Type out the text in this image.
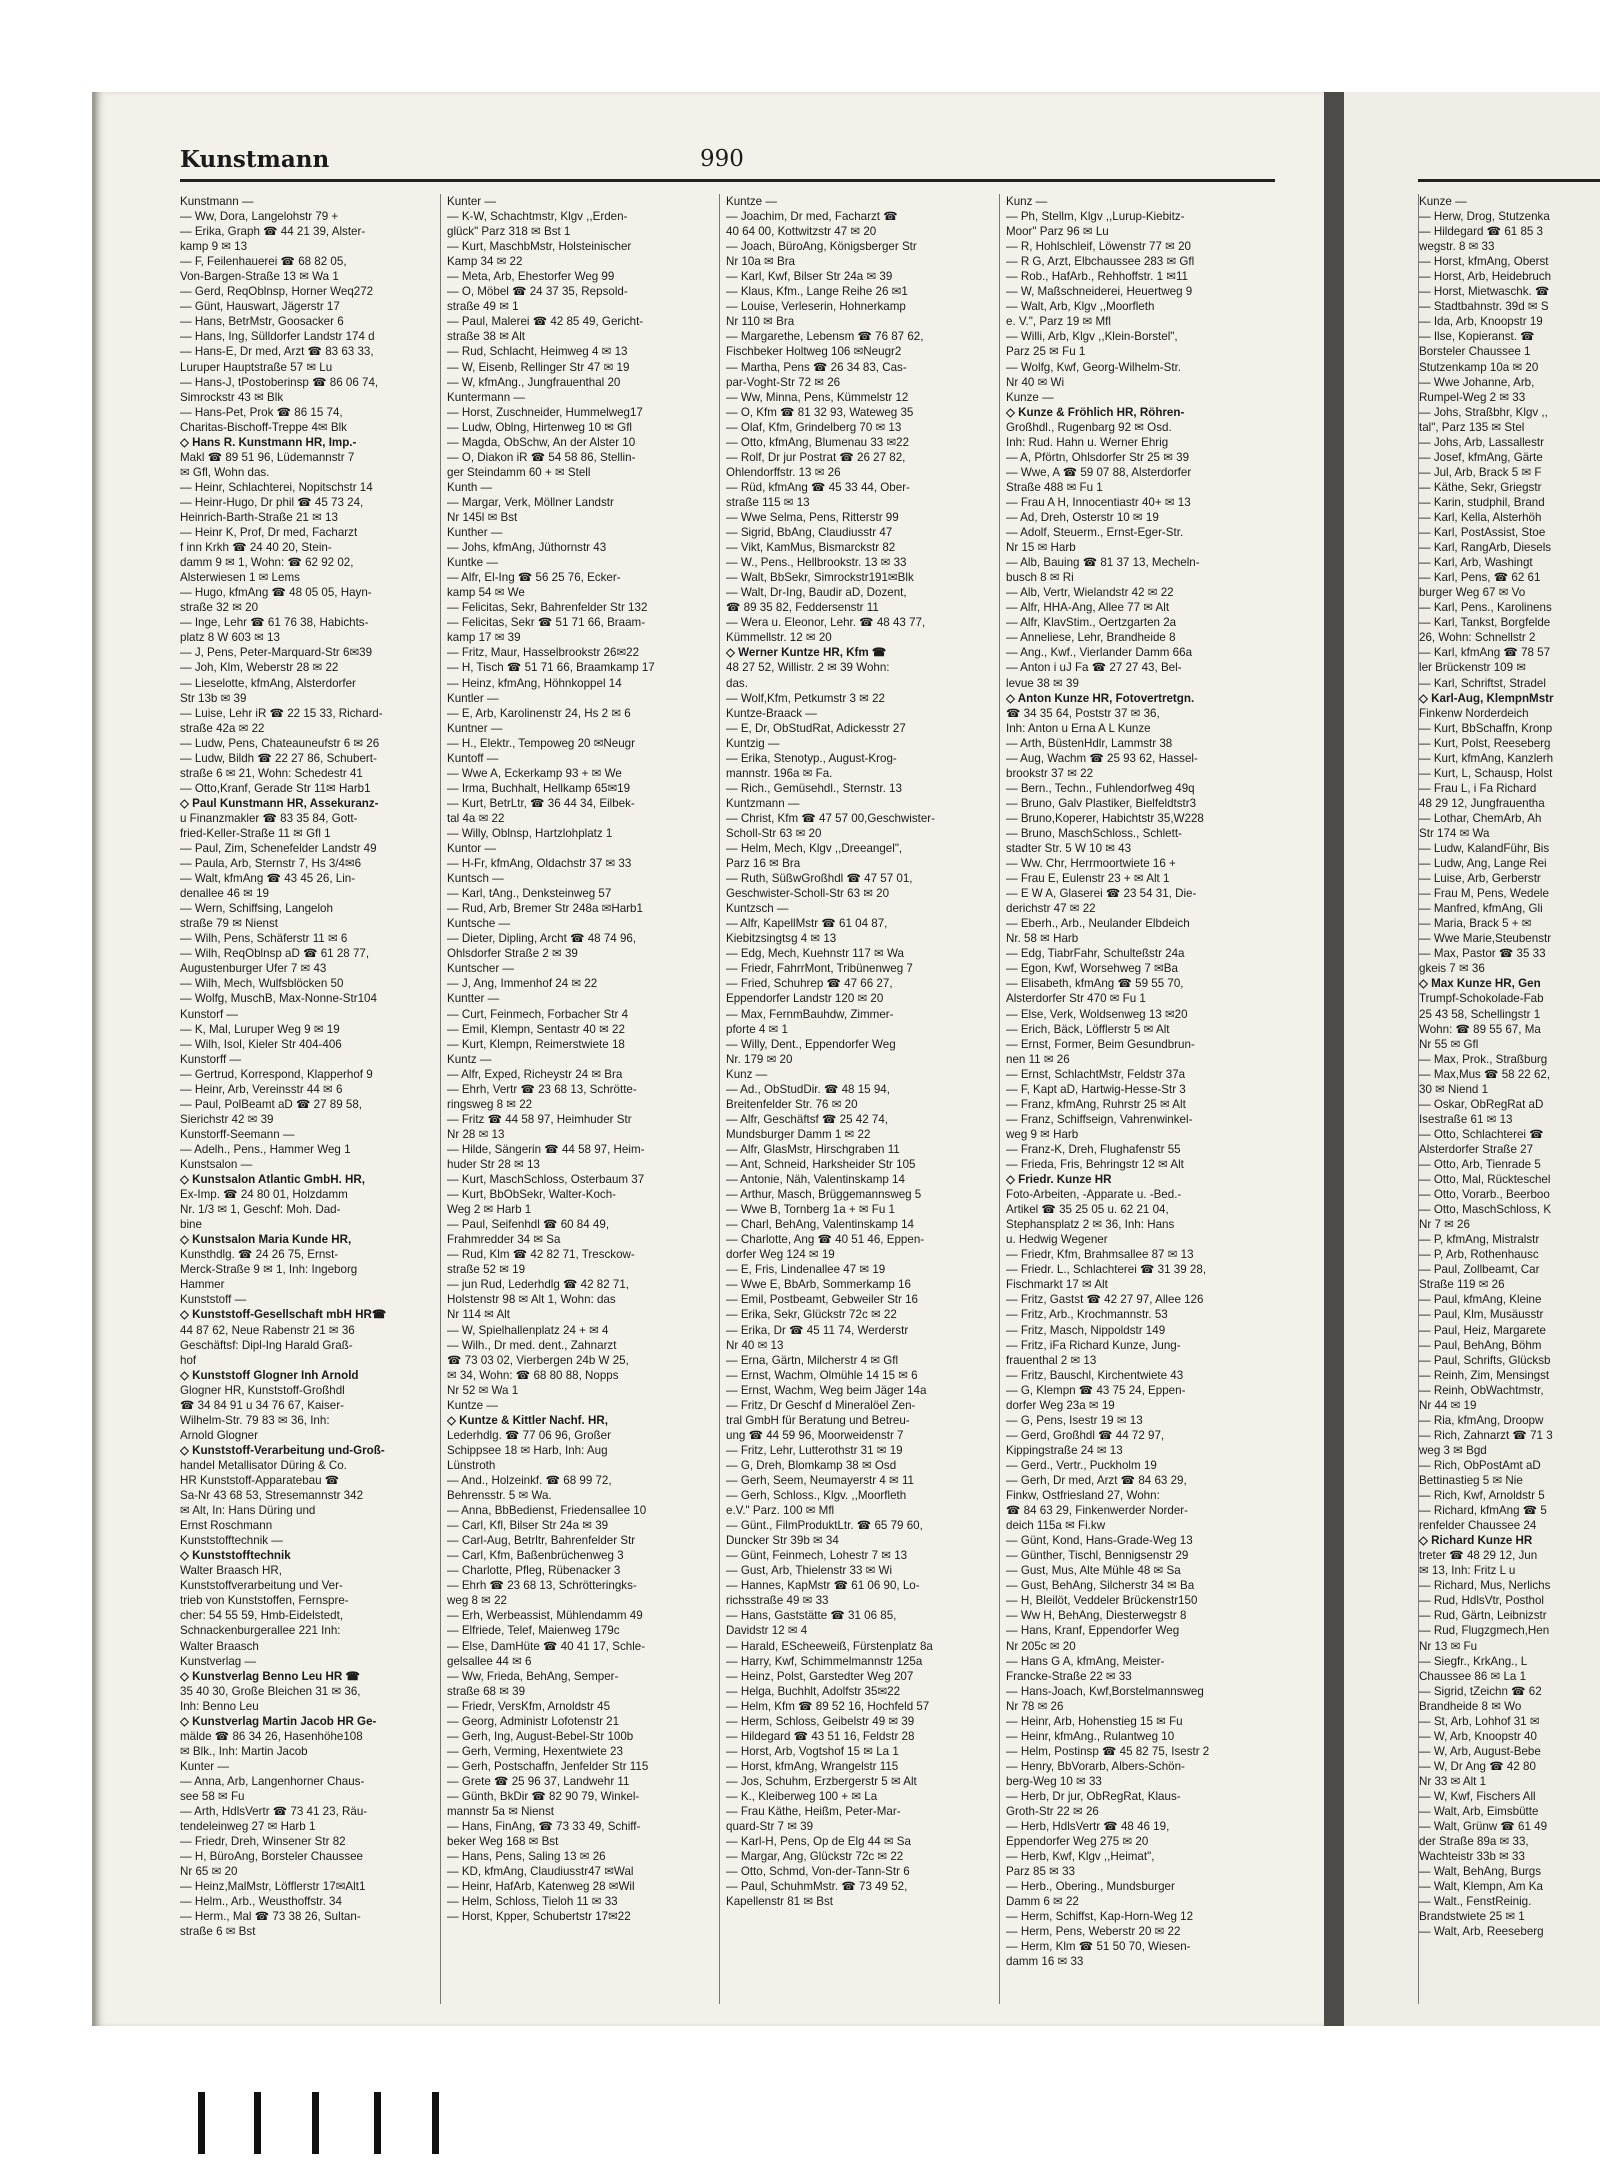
Kunstmann	990
Kunstmann —
— Ww, Dora, Langelohstr 79 +
— Erika, Graph ☎ 44 21 39, Alster-
kamp 9 ✉ 13
— F, Feilenhauerei ☎ 68 82 05,
Von-Bargen-Straße 13 ✉ Wa 1
— Gerd, ReqOblnsp, Horner Weq272
— Günt, Hauswart, Jägerstr 17
— Hans, BetrMstr, Goosacker 6
— Hans, Ing, Sülldorfer Landstr 174 d
— Hans-E, Dr med, Arzt ☎ 83 63 33,
Luruper Hauptstraße 57 ✉ Lu
— Hans-J, tPostoberinsp ☎ 86 06 74,
Simrockstr 43 ✉ Blk
— Hans-Pet, Prok ☎ 86 15 74,
Charitas-Bischoff-Treppe 4✉ Blk
◇ Hans R. Kunstmann HR, Imp.-
Makl ☎ 89 51 96, Lüdemannstr 7
✉ Gfl, Wohn das.
— Heinr, Schlachterei, Nopitschstr 14
— Heinr-Hugo, Dr phil ☎ 45 73 24,
Heinrich-Barth-Straße 21 ✉ 13
— Heinr K, Prof, Dr med, Facharzt
f inn Krkh ☎ 24 40 20, Stein-
damm 9 ✉ 1, Wohn: ☎ 62 92 02,
Alsterwiesen 1 ✉ Lems
— Hugo, kfmAng ☎ 48 05 05, Hayn-
straße 32 ✉ 20
— Inge, Lehr ☎ 61 76 38, Habichts-
platz 8 W 603 ✉ 13
— J, Pens, Peter-Marquard-Str 6✉39
— Joh, Klm, Weberstr 28 ✉ 22
— Lieselotte, kfmAng, Alsterdorfer
Str 13b ✉ 39
— Luise, Lehr iR ☎ 22 15 33, Richard-
straße 42a ✉ 22
— Ludw, Pens, Chateauneufstr 6 ✉ 26
— Ludw, Bildh ☎ 22 27 86, Schubert-
straße 6 ✉ 21, Wohn: Schedestr 41
— Otto,Kranf, Gerade Str 11✉ Harb1
◇ Paul Kunstmann HR, Assekuranz-
u Finanzmakler ☎ 83 35 84, Gott-
fried-Keller-Straße 11 ✉ Gfl 1
— Paul, Zim, Schenefelder Landstr 49
— Paula, Arb, Sternstr 7, Hs 3/4✉6
— Walt, kfmAng ☎ 43 45 26, Lin-
denallee 46 ✉ 19
— Wern, Schiffsing, Langeloh
straße 79 ✉ Nienst
— Wilh, Pens, Schäferstr 11 ✉ 6
— Wilh, ReqOblnsp aD ☎ 61 28 77,
Augustenburger Ufer 7 ✉ 43
— Wilh, Mech, Wulfsblöcken 50
— Wolfg, MuschB, Max-Nonne-Str104
Kunstorf —
— K, Mal, Luruper Weg 9 ✉ 19
— Wilh, Isol, Kieler Str 404-406
Kunstorff —
— Gertrud, Korrespond, Klapperhof 9
— Heinr, Arb, Vereinsstr 44 ✉ 6
— Paul, PolBeamt aD ☎ 27 89 58,
Sierichstr 42 ✉ 39
Kunstorff-Seemann —
— Adelh., Pens., Hammer Weg 1
Kunstsalon —
◇ Kunstsalon Atlantic GmbH. HR,
Ex-Imp. ☎ 24 80 01, Holzdamm
Nr. 1/3 ✉ 1, Geschf: Moh. Dad-
bine
◇ Kunstsalon Maria Kunde HR,
Kunsthdlg. ☎ 24 26 75, Ernst-
Merck-Straße 9 ✉ 1, Inh: Ingeborg
Hammer
Kunststoff —
◇ Kunststoff-Gesellschaft mbH HR☎
44 87 62, Neue Rabenstr 21 ✉ 36
Geschäftsf: Dipl-Ing Harald Graß-
hof
◇ Kunststoff Glogner Inh Arnold
Glogner HR, Kunststoff-Großhdl
☎ 34 84 91 u 34 76 67, Kaiser-
Wilhelm-Str. 79 83 ✉ 36, Inh:
Arnold Glogner
◇ Kunststoff-Verarbeitung und-Groß-
handel Metallisator Düring & Co.
HR Kunststoff-Apparatebau ☎
Sa-Nr 43 68 53, Stresemannstr 342
✉ Alt, In: Hans Düring und
Ernst Roschmann
Kunststofftechnik —
◇ Kunststofftechnik
Walter Braasch HR,
Kunststoffverarbeitung und Ver-
trieb von Kunststoffen, Fernspre-
cher: 54 55 59, Hmb-Eidelstedt,
Schnackenburgerallee 221 Inh:
Walter Braasch
Kunstverlag —
◇ Kunstverlag Benno Leu HR ☎
35 40 30, Große Bleichen 31 ✉ 36,
Inh: Benno Leu
◇ Kunstverlag Martin Jacob HR Ge-
mälde ☎ 86 34 26, Hasenhöhe108
✉ Blk., Inh: Martin Jacob
Kunter —
— Anna, Arb, Langenhorner Chaus-
see 58 ✉ Fu
— Arth, HdlsVertr ☎ 73 41 23, Räu-
tendeleinweg 27 ✉ Harb 1
— Friedr, Dreh, Winsener Str 82
— H, BüroAng, Borsteler Chaussee
Nr 65 ✉ 20
— Heinz,MalMstr, Löfflerstr 17✉Alt1
— Helm., Arb., Weusthoffstr. 34
— Herm., Mal ☎ 73 38 26, Sultan-
straße 6 ✉ Bst
Kunter —
— K-W, Schachtmstr, Klgv ,,Erden-
glück" Parz 318 ✉ Bst 1
— Kurt, MaschbMstr, Holsteinischer
Kamp 34 ✉ 22
— Meta, Arb, Ehestorfer Weg 99
— O, Möbel ☎ 24 37 35, Repsold-
straße 49 ✉ 1
— Paul, Malerei ☎ 42 85 49, Gericht-
straße 38 ✉ Alt
— Rud, Schlacht, Heimweg 4 ✉ 13
— W, Eisenb, Rellinger Str 47 ✉ 19
— W, kfmAng., Jungfrauenthal 20
Kuntermann —
— Horst, Zuschneider, Hummelweg17
— Ludw, Oblng, Hirtenweg 10 ✉ Gfl
— Magda, ObSchw, An der Alster 10
— O, Diakon iR ☎ 54 58 86, Stellin-
ger Steindamm 60 + ✉ Stell
Kunth —
— Margar, Verk, Möllner Landstr
Nr 145l ✉ Bst
Kunther —
— Johs, kfmAng, Jüthornstr 43
Kuntke —
— Alfr, El-Ing ☎ 56 25 76, Ecker-
kamp 54 ✉ We
— Felicitas, Sekr, Bahrenfelder Str 132
— Felicitas, Sekr ☎ 51 71 66, Braam-
kamp 17 ✉ 39
— Fritz, Maur, Hasselbrookstr 26✉22
— H, Tisch ☎ 51 71 66, Braamkamp 17
— Heinz, kfmAng, Höhnkoppel 14
Kuntler —
— E, Arb, Karolinenstr 24, Hs 2 ✉ 6
Kuntner —
— H., Elektr., Tempoweg 20 ✉Neugr
Kuntoff —
— Wwe A, Eckerkamp 93 + ✉ We
— Irma, Buchhalt, Hellkamp 65✉19
— Kurt, BetrLtr, ☎ 36 44 34, Eilbek-
tal 4a ✉ 22
— Willy, Oblnsp, Hartzlohplatz 1
Kuntor —
— H-Fr, kfmAng, Oldachstr 37 ✉ 33
Kuntsch —
— Karl, tAng., Denksteinweg 57
— Rud, Arb, Bremer Str 248a ✉Harb1
Kuntsche —
— Dieter, Dipling, Archt ☎ 48 74 96,
Ohlsdorfer Straße 2 ✉ 39
Kuntscher —
— J, Ang, Immenhof 24 ✉ 22
Kuntter —
— Curt, Feinmech, Forbacher Str 4
— Emil, Klempn, Sentastr 40 ✉ 22
— Kurt, Klempn, Reimerstwiete 18
Kuntz —
— Alfr, Exped, Richeystr 24 ✉ Bra
— Ehrh, Vertr ☎ 23 68 13, Schrötte-
ringsweg 8 ✉ 22
— Fritz ☎ 44 58 97, Heimhuder Str
Nr 28 ✉ 13
— Hilde, Sängerin ☎ 44 58 97, Heim-
huder Str 28 ✉ 13
— Kurt, MaschSchloss, Osterbaum 37
— Kurt, BbObSekr, Walter-Koch-
Weg 2 ✉ Harb 1
— Paul, Seifenhdl ☎ 60 84 49,
Frahmredder 34 ✉ Sa
— Rud, Klm ☎ 42 82 71, Tresckow-
straße 52 ✉ 19
— jun Rud, Lederhdlg ☎ 42 82 71,
Holstenstr 98 ✉ Alt 1, Wohn: das
Nr 114 ✉ Alt
— W, Spielhallenplatz 24 + ✉ 4
— Wilh., Dr med. dent., Zahnarzt
☎ 73 03 02, Vierbergen 24b W 25,
✉ 34, Wohn: ☎ 68 80 88, Nopps
Nr 52 ✉ Wa 1
Kuntze —
◇ Kuntze & Kittler Nachf. HR,
Lederhdlg. ☎ 77 06 96, Großer
Schippsee 18 ✉ Harb, Inh: Aug
Lünstroth
— And., Holzeinkf. ☎ 68 99 72,
Behrensstr. 5 ✉ Wa.
— Anna, BbBedienst, Friedensallee 10
— Carl, Kfl, Bilser Str 24a ✉ 39
— Carl-Aug, Betrltr, Bahrenfelder Str
— Carl, Kfm, Baßenbrüchenweg 3
— Charlotte, Pfleg, Rübenacker 3
— Ehrh ☎ 23 68 13, Schrötteringks-
weg 8 ✉ 22
— Erh, Werbeassist, Mühlendamm 49
— Elfriede, Telef, Maienweg 179c
— Else, DamHüte ☎ 40 41 17, Schle-
gelsallee 44 ✉ 6
— Ww, Frieda, BehAng, Semper-
straße 68 ✉ 39
— Friedr, VersKfm, Arnoldstr 45
— Georg, Administr Lofotenstr 21
— Gerh, Ing, August-Bebel-Str 100b
— Gerh, Verming, Hexentwiete 23
— Gerh, Postschaffn, Jenfelder Str 115
— Grete ☎ 25 96 37, Landwehr 11
— Günth, BkDir ☎ 82 90 79, Winkel-
mannstr 5a ✉ Nienst
— Hans, FinAng, ☎ 73 33 49, Schiff-
beker Weg 168 ✉ Bst
— Hans, Pens, Saling 13 ✉ 26
— KD, kfmAng, Claudiusstr47 ✉Wal
— Heinr, HafArb, Katenweg 28 ✉Wil
— Helm, Schloss, Tieloh 11 ✉ 33
— Horst, Kpper, Schubertstr 17✉22
Kuntze —
— Joachim, Dr med, Facharzt ☎
40 64 00, Kottwitzstr 47 ✉ 20
— Joach, BüroAng, Königsberger Str
Nr 10a ✉ Bra
— Karl, Kwf, Bilser Str 24a ✉ 39
— Klaus, Kfm., Lange Reihe 26 ✉1
— Louise, Verleserin, Hohnerkamp
Nr 110 ✉ Bra
— Margarethe, Lebensm ☎ 76 87 62,
Fischbeker Holtweg 106 ✉Neugr2
— Martha, Pens ☎ 26 34 83, Cas-
par-Voght-Str 72 ✉ 26
— Ww, Minna, Pens, Kümmelstr 12
— O, Kfm ☎ 81 32 93, Wateweg 35
— Olaf, Kfm, Grindelberg 70 ✉ 13
— Otto, kfmAng, Blumenau 33 ✉22
— Rolf, Dr jur Postrat ☎ 26 27 82,
Ohlendorffstr. 13 ✉ 26
— Rüd, kfmAng ☎ 45 33 44, Ober-
straße 115 ✉ 13
— Wwe Selma, Pens, Ritterstr 99
— Sigrid, BbAng, Claudiusstr 47
— Vikt, KamMus, Bismarckstr 82
— W., Pens., Hellbrookstr. 13 ✉ 33
— Walt, BbSekr, Simrockstr191✉Blk
— Walt, Dr-Ing, Baudir aD, Dozent,
☎ 89 35 82, Feddersenstr 11
— Wera u. Eleonor, Lehr. ☎ 48 43 77,
Kümmellstr. 12 ✉ 20
◇ Werner Kuntze HR, Kfm ☎
48 27 52, Willistr. 2 ✉ 39 Wohn:
das.
— Wolf,Kfm, Petkumstr 3 ✉ 22
Kuntze-Braack —
— E, Dr, ObStudRat, Adickesstr 27
Kuntzig —
— Erika, Stenotyp., August-Krog-
mannstr. 196a ✉ Fa.
— Rich., Gemüsehdl., Sternstr. 13
Kuntzmann —
— Christ, Kfm ☎ 47 57 00,Geschwister-
Scholl-Str 63 ✉ 20
— Helm, Mech, Klgv ,,Dreeangel",
Parz 16 ✉ Bra
— Ruth, SüßwGroßhdl ☎ 47 57 01,
Geschwister-Scholl-Str 63 ✉ 20
Kuntzsch —
— Alfr, KapellMstr ☎ 61 04 87,
Kiebitzsingtsg 4 ✉ 13
— Edg, Mech, Kuehnstr 117 ✉ Wa
— Friedr, FahrrMont, Tribünenweg 7
— Fried, Schuhrep ☎ 47 66 27,
Eppendorfer Landstr 120 ✉ 20
— Max, FernmBauhdw, Zimmer-
pforte 4 ✉ 1
— Willy, Dent., Eppendorfer Weg
Nr. 179 ✉ 20
Kunz —
— Ad., ObStudDir. ☎ 48 15 94,
Breitenfelder Str. 76 ✉ 20
— Alfr, Geschäftsf ☎ 25 42 74,
Mundsburger Damm 1 ✉ 22
— Alfr, GlasMstr, Hirschgraben 11
— Ant, Schneid, Harksheider Str 105
— Antonie, Näh, Valentinskamp 14
— Arthur, Masch, Brüggemannsweg 5
— Wwe B, Tornberg 1a + ✉ Fu 1
— Charl, BehAng, Valentinskamp 14
— Charlotte, Ang ☎ 40 51 46, Eppen-
dorfer Weg 124 ✉ 19
— E, Fris, Lindenallee 47 ✉ 19
— Wwe E, BbArb, Sommerkamp 16
— Emil, Postbeamt, Gebweiler Str 16
— Erika, Sekr, Glückstr 72c ✉ 22
— Erika, Dr ☎ 45 11 74, Werderstr
Nr 40 ✉ 13
— Erna, Gärtn, Milcherstr 4 ✉ Gfl
— Ernst, Wachm, Olmühle 14 15 ✉ 6
— Ernst, Wachm, Weg beim Jäger 14a
— Fritz, Dr Geschf d Mineralöel Zen-
tral GmbH für Beratung und Betreu-
ung ☎ 44 59 96, Moorweidenstr 7
— Fritz, Lehr, Lutterothstr 31 ✉ 19
— G, Dreh, Blomkamp 38 ✉ Osd
— Gerh, Seem, Neumayerstr 4 ✉ 11
— Gerh, Schloss., Klgv. ,,Moorfleth
e.V." Parz. 100 ✉ Mfl
— Günt., FilmProduktLtr. ☎ 65 79 60,
Duncker Str 39b ✉ 34
— Günt, Feinmech, Lohestr 7 ✉ 13
— Gust, Arb, Thielenstr 33 ✉ Wi
— Hannes, KapMstr ☎ 61 06 90, Lo-
richsstraße 49 ✉ 33
— Hans, Gaststätte ☎ 31 06 85,
Davidstr 12 ✉ 4
— Harald, EScheeweiß, Fürstenplatz 8a
— Harry, Kwf, Schimmelmannstr 125a
— Heinz, Polst, Garstedter Weg 207
— Helga, Buchhlt, Adolfstr 35✉22
— Helm, Kfm ☎ 89 52 16, Hochfeld 57
— Herm, Schloss, Geibelstr 49 ✉ 39
— Hildegard ☎ 43 51 16, Feldstr 28
— Horst, Arb, Vogtshof 15 ✉ La 1
— Horst, kfmAng, Wrangelstr 115
— Jos, Schuhm, Erzbergerstr 5 ✉ Alt
— K., Kleiberweg 100 + ✉ La
— Frau Käthe, Heißm, Peter-Mar-
quard-Str 7 ✉ 39
— Karl-H, Pens, Op de Elg 44 ✉ Sa
— Margar, Ang, Glückstr 72c ✉ 22
— Otto, Schmd, Von-der-Tann-Str 6
— Paul, SchuhmMstr. ☎ 73 49 52,
Kapellenstr 81 ✉ Bst
Kunz —
— Ph, Stellm, Klgv ,,Lurup-Kiebitz-
Moor" Parz 96 ✉ Lu
— R, Hohlschleif, Löwenstr 77 ✉ 20
— R G, Arzt, Elbchaussee 283 ✉ Gfl
— Rob., HafArb., Rehhoffstr. 1 ✉11
— W, Maßschneiderei, Heuertweg 9
— Walt, Arb, Klgv ,,Moorfleth
e. V.", Parz 19 ✉ Mfl
— Willi, Arb, Klgv ,,Klein-Borstel",
Parz 25 ✉ Fu 1
— Wolfg, Kwf, Georg-Wilhelm-Str.
Nr 40 ✉ Wi
Kunze —
◇ Kunze & Fröhlich HR, Röhren-
Großhdl., Rugenbarg 92 ✉ Osd.
Inh: Rud. Hahn u. Werner Ehrig
— A, Pförtn, Ohlsdorfer Str 25 ✉ 39
— Wwe, A ☎ 59 07 88, Alsterdorfer
Straße 488 ✉ Fu 1
— Frau A H, Innocentiastr 40+ ✉ 13
— Ad, Dreh, Osterstr 10 ✉ 19
— Adolf, Steuerm., Ernst-Eger-Str.
Nr 15 ✉ Harb
— Alb, Bauing ☎ 81 37 13, Mecheln-
busch 8 ✉ Ri
— Alb, Vertr, Wielandstr 42 ✉ 22
— Alfr, HHA-Ang, Allee 77 ✉ Alt
— Alfr, KlavStim., Oertzgarten 2a
— Anneliese, Lehr, Brandheide 8
— Ang., Kwf., Vierlander Damm 66a
— Anton i uJ Fa ☎ 27 27 43, Bel-
levue 38 ✉ 39
◇ Anton Kunze HR, Fotovertretgn.
☎ 34 35 64, Poststr 37 ✉ 36,
Inh: Anton u Erna A L Kunze
— Arth, BüstenHdlr, Lammstr 38
— Aug, Wachm ☎ 25 93 62, Hassel-
brookstr 37 ✉ 22
— Bern., Techn., Fuhlendorfweg 49q
— Bruno, Galv Plastiker, Bielfeldtstr3
— Bruno,Koperer, Habichtstr 35,W228
— Bruno, MaschSchloss., Schlett-
stadter Str. 5 W 10 ✉ 43
— Ww. Chr, Herrmoortwiete 16 +
— Frau E, Eulenstr 23 + ✉ Alt 1
— E W A, Glaserei ☎ 23 54 31, Die-
derichstr 47 ✉ 22
— Eberh., Arb., Neulander Elbdeich
Nr. 58 ✉ Harb
— Edg, TiabrFahr, Schulteßstr 24a
— Egon, Kwf, Worsehweg 7 ✉Ba
— Elisabeth, kfmAng ☎ 59 55 70,
Alsterdorfer Str 470 ✉ Fu 1
— Else, Verk, Woldsenweg 13 ✉20
— Erich, Bäck, Löfflerstr 5 ✉ Alt
— Ernst, Former, Beim Gesundbrun-
nen 11 ✉ 26
— Ernst, SchlachtMstr, Feldstr 37a
— F, Kapt aD, Hartwig-Hesse-Str 3
— Franz, kfmAng, Ruhrstr 25 ✉ Alt
— Franz, Schiffseign, Vahrenwinkel-
weg 9 ✉ Harb
— Franz-K, Dreh, Flughafenstr 55
— Frieda, Fris, Behringstr 12 ✉ Alt
◇ Friedr. Kunze HR
Foto-Arbeiten, -Apparate u. -Bed.-
Artikel ☎ 35 25 05 u. 62 21 04,
Stephansplatz 2 ✉ 36, Inh: Hans
u. Hedwig Wegener
— Friedr, Kfm, Brahmsallee 87 ✉ 13
— Friedr. L., Schlachterei ☎ 31 39 28,
Fischmarkt 17 ✉ Alt
— Fritz, Gastst ☎ 42 27 97, Allee 126
— Fritz, Arb., Krochmannstr. 53
— Fritz, Masch, Nippoldstr 149
— Fritz, iFa Richard Kunze, Jung-
frauenthal 2 ✉ 13
— Fritz, Bauschl, Kirchentwiete 43
— G, Klempn ☎ 43 75 24, Eppen-
dorfer Weg 23a ✉ 19
— G, Pens, Isestr 19 ✉ 13
— Gerd, Großhdl ☎ 44 72 97,
Kippingstraße 24 ✉ 13
— Gerd., Vertr., Puckholm 19
— Gerh, Dr med, Arzt ☎ 84 63 29,
Finkw, Ostfriesland 27, Wohn:
☎ 84 63 29, Finkenwerder Norder-
deich 115a ✉ Fi.kw
— Günt, Kond, Hans-Grade-Weg 13
— Günther, Tischl, Bennigsenstr 29
— Gust, Mus, Alte Mühle 48 ✉ Sa
— Gust, BehAng, Silcherstr 34 ✉ Ba
— H, Bleilöt, Veddeler Brückenstr150
— Ww H, BehAng, Diesterwegstr 8
— Hans, Kranf, Eppendorfer Weg
Nr 205c ✉ 20
— Hans G A, kfmAng, Meister-
Francke-Straße 22 ✉ 33
— Hans-Joach, Kwf,Borstelmannsweg
Nr 78 ✉ 26
— Heinr, Arb, Hohenstieg 15 ✉ Fu
— Heinr, kfmAng., Rulantweg 10
— Helm, Postinsp ☎ 45 82 75, Isestr 2
— Henry, BbVorarb, Albers-Schön-
berg-Weg 10 ✉ 33
— Herb, Dr jur, ObRegRat, Klaus-
Groth-Str 22 ✉ 26
— Herb, HdlsVertr ☎ 48 46 19,
Eppendorfer Weg 275 ✉ 20
— Herb, Kwf, Klgv ,,Heimat",
Parz 85 ✉ 33
— Herb., Obering., Mundsburger
Damm 6 ✉ 22
— Herm, Schiffst, Kap-Horn-Weg 12
— Herm, Pens, Weberstr 20 ✉ 22
— Herm, Klm ☎ 51 50 70, Wiesen-
damm 16 ✉ 33
Kunze —
— Herw, Drog, Stutzenka
— Hildegard ☎ 61 85 3
wegstr. 8 ✉ 33
— Horst, kfmAng, Oberst
— Horst, Arb, Heidebruch
— Horst, Mietwaschk. ☎
— Stadtbahnstr. 39d ✉ S
— Ida, Arb, Knoopstr 19
— Ilse, Kopieranst. ☎
Borsteler Chaussee 1
Stutzenkamp 10a ✉ 20
— Wwe Johanne, Arb,
Rumpel-Weg 2 ✉ 33
— Johs, Straßbhr, Klgv ,,
tal", Parz 135 ✉ Stel
— Johs, Arb, Lassallestr
— Josef, kfmAng, Gärte
— Jul, Arb, Brack 5 ✉ F
— Käthe, Sekr, Griegstr
— Karin, studphil, Brand
— Karl, Kella, Alsterhöh
— Karl, PostAssist, Stoe
— Karl, RangArb, Diesels
— Karl, Arb, Washingt
— Karl, Pens, ☎ 62 61
burger Weg 67 ✉ Vo
— Karl, Pens., Karolinens
— Karl, Tankst, Borgfelde
26, Wohn: Schnellstr 2
— Karl, kfmAng ☎ 78 57
ler Brückenstr 109 ✉
— Karl, Schriftst, Stradel
◇ Karl-Aug, KlempnMstr
Finkenw Norderdeich
— Kurt, BbSchaffn, Kronp
— Kurt, Polst, Reeseberg
— Kurt, kfmAng, Kanzlerh
— Kurt, L, Schausp, Holst
— Frau L, i Fa Richard
48 29 12, Jungfrauentha
— Lothar, ChemArb, Ah
Str 174 ✉ Wa
— Ludw, KalandFühr, Bis
— Ludw, Ang, Lange Rei
— Luise, Arb, Gerberstr
— Frau M, Pens, Wedele
— Manfred, kfmAng, Gli
— Maria, Brack 5 + ✉
— Wwe Marie,Steubenstr
— Max, Pastor ☎ 35 33
gkeis 7 ✉ 36
◇ Max Kunze HR, Gen
Trumpf-Schokolade-Fab
25 43 58, Schellingstr 1
Wohn: ☎ 89 55 67, Ma
Nr 55 ✉ Gfl
— Max, Prok., Straßburg
— Max,Mus ☎ 58 22 62,
30 ✉ Niend 1
— Oskar, ObRegRat aD
Isestraße 61 ✉ 13
— Otto, Schlachterei ☎
Alsterdorfer Straße 27
— Otto, Arb, Tienrade 5
— Otto, Mal, Rückteschel
— Otto, Vorarb., Beerboo
— Otto, MaschSchloss, K
Nr 7 ✉ 26
— P, kfmAng, Mistralstr
— P, Arb, Rothenhausc
— Paul, Zollbeamt, Car
Straße 119 ✉ 26
— Paul, kfmAng, Kleine
— Paul, Klm, Musäusstr
— Paul, Heiz, Margarete
— Paul, BehAng, Böhm
— Paul, Schrifts, Glücksb
— Reinh, Zim, Mensingst
— Reinh, ObWachtmstr,
Nr 44 ✉ 19
— Ria, kfmAng, Droopw
— Rich, Zahnarzt ☎ 71 3
weg 3 ✉ Bgd
— Rich, ObPostAmt aD
Bettinastieg 5 ✉ Nie
— Rich, Kwf, Arnoldstr 5
— Richard, kfmAng ☎ 5
renfelder Chaussee 24
◇ Richard Kunze HR
treter ☎ 48 29 12, Jun
✉ 13, Inh: Fritz L u
— Richard, Mus, Nerlichs
— Rud, HdlsVtr, Posthol
— Rud, Gärtn, Leibnizstr
— Rud, Flugzgmech,Hen
Nr 13 ✉ Fu
— Siegfr., KrkAng., L
Chaussee 86 ✉ La 1
— Sigrid, tZeichn ☎ 62
Brandheide 8 ✉ Wo
— St, Arb, Lohhof 31 ✉
— W, Arb, Knoopstr 40
— W, Arb, August-Bebe
— W, Dr Ang ☎ 42 80
Nr 33 ✉ Alt 1
— W, Kwf, Fischers All
— Walt, Arb, Eimsbütte
— Walt, Grünw ☎ 61 49
der Straße 89a ✉ 33,
Wachteistr 33b ✉ 33
— Walt, BehAng, Burgs
— Walt, Klempn, Am Ka
— Walt., FenstReinig.
Brandstwiete 25 ✉ 1
— Walt, Arb, Reeseberg
